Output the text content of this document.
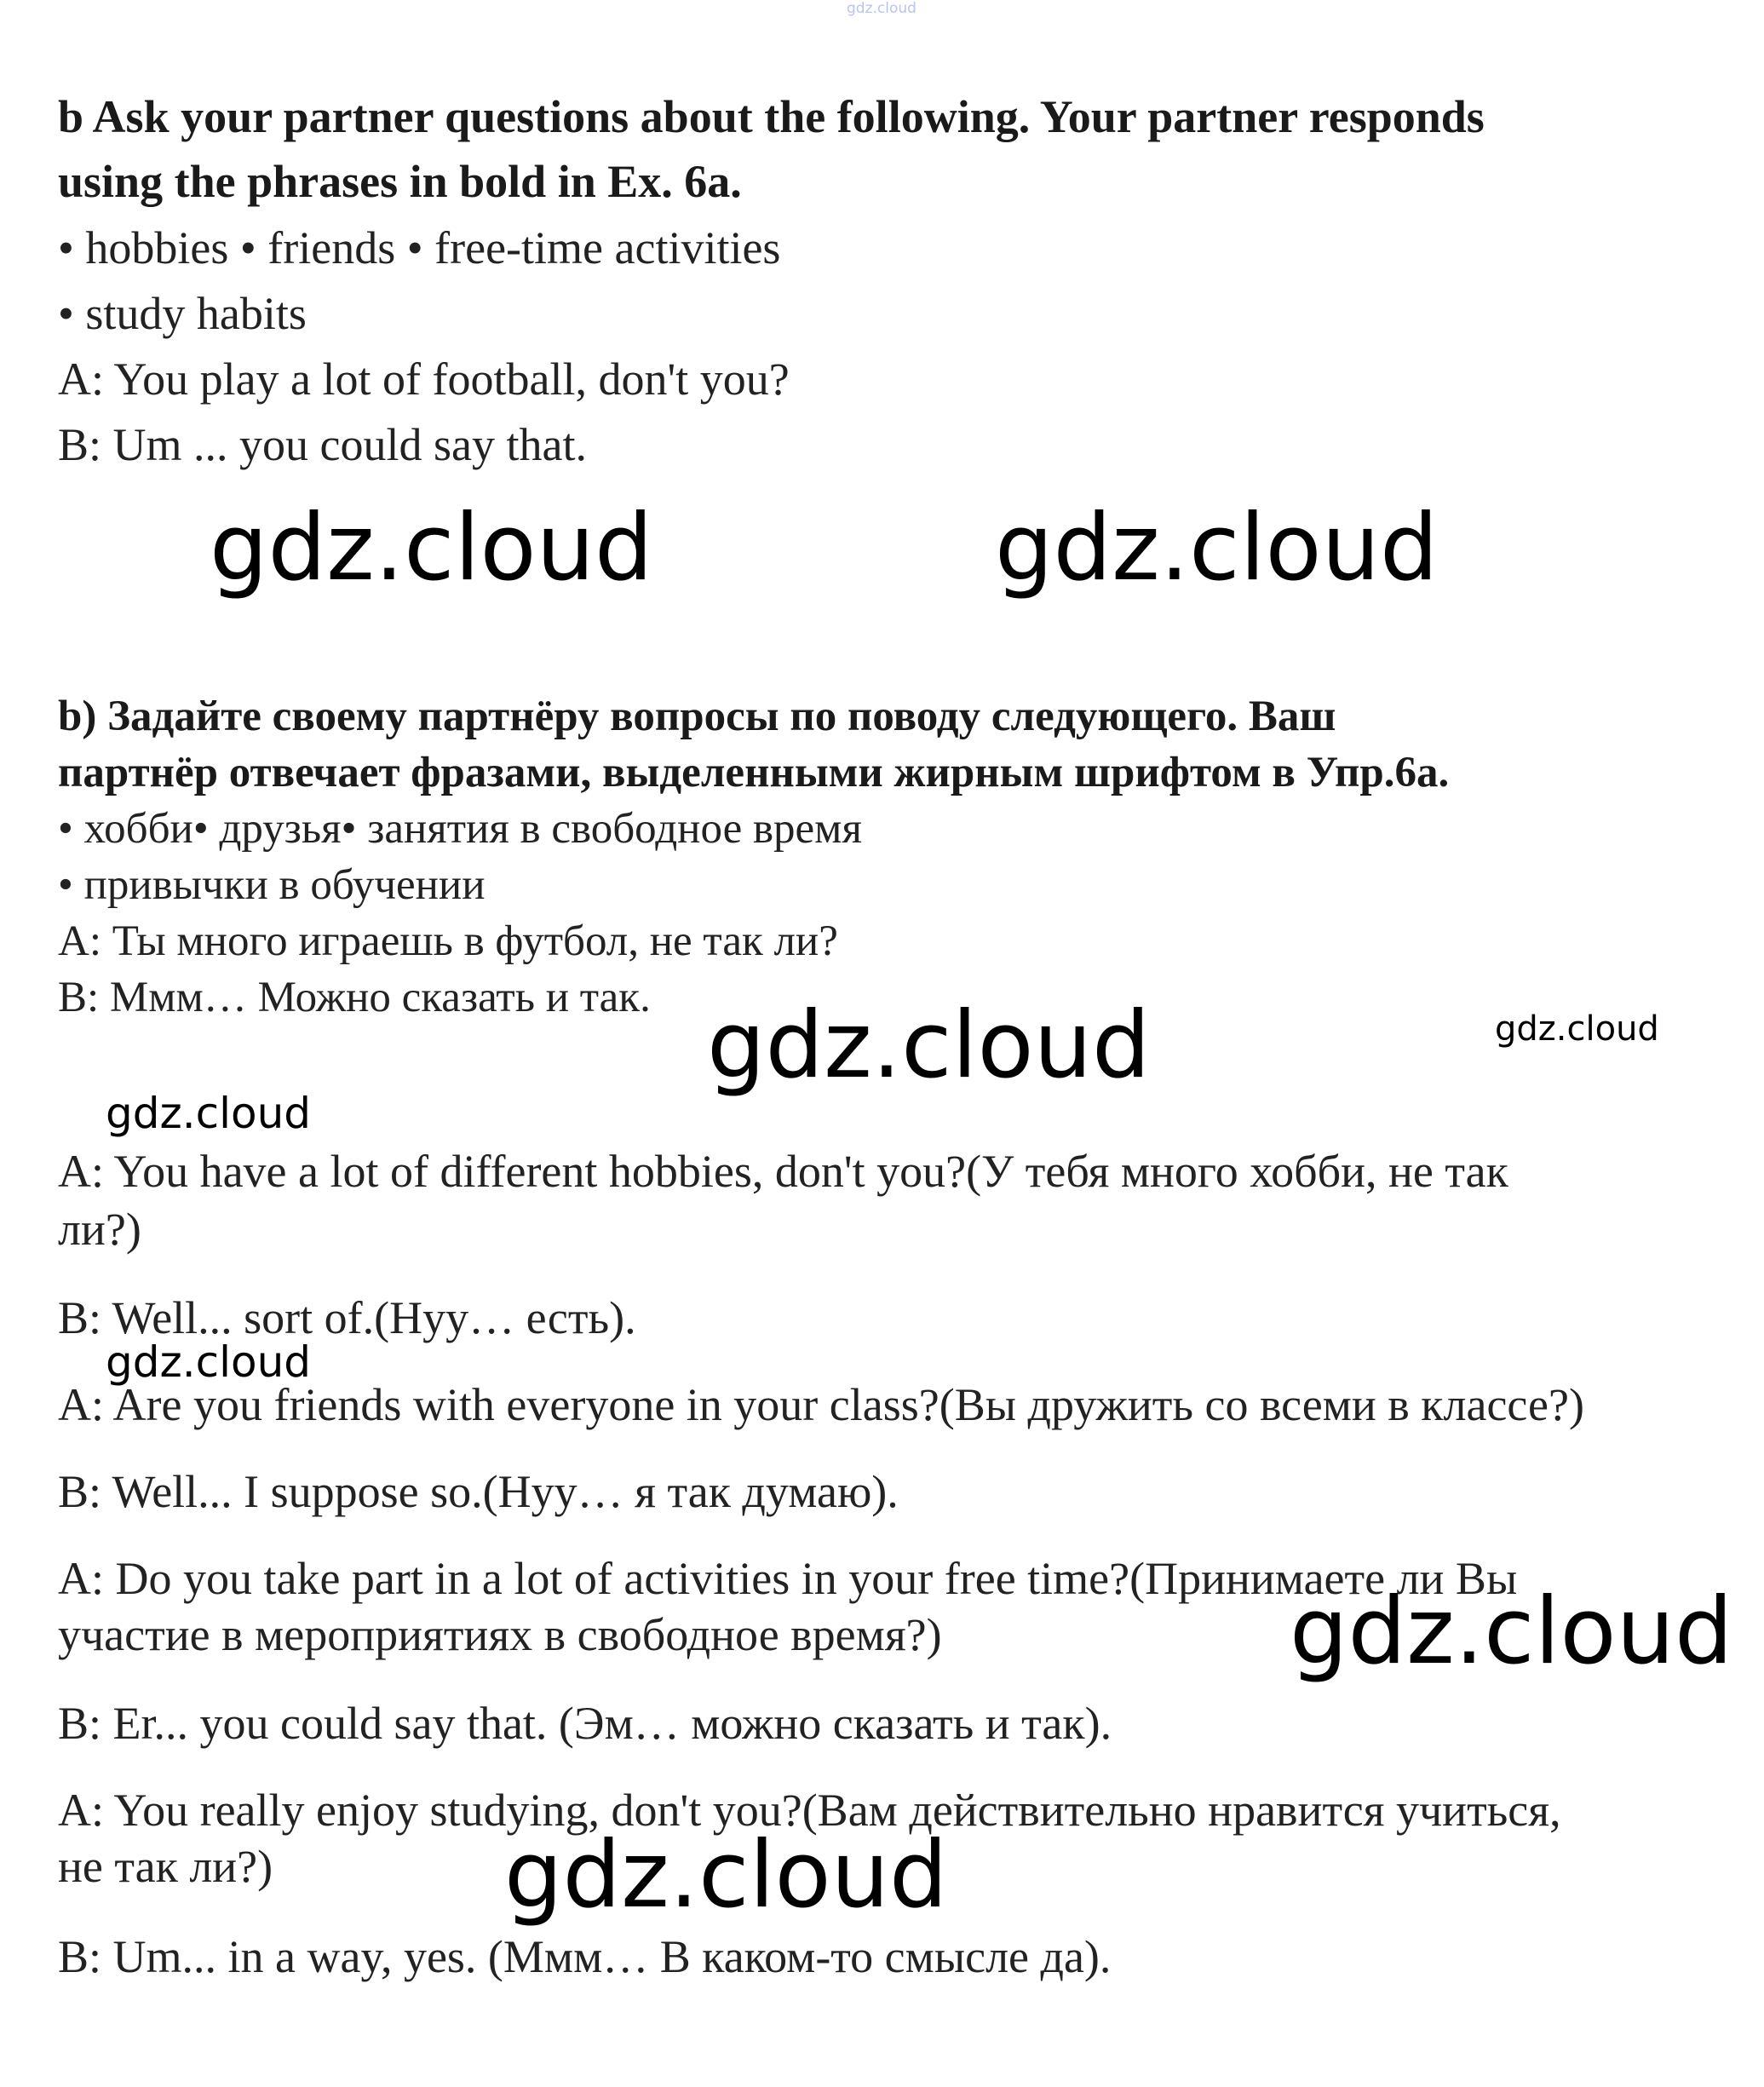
gdz.cloud
b Ask your partner questions about the following. Your partner responds
using the phrases in bold in Ex. 6a.
• hobbies • friends • free-time activities
• study habits
A: You play a lot of football, don't you?
B: Um ... you could say that.
gdz.cloud	gdz.cloud
b) Задайте своему партнёру вопросы по поводу следующего. Ваш
партнёр отвечает фразами, выделенными жирным шрифтом в Упр.6а.
• хобби• друзья• занятия в свободное время
• привычки в обучении
А: Ты много играешь в футбол, не так ли?
B: Ммм… Можно сказать и так. gdz.cloud	gdz.cloud
gdz.cloud
A: You have a lot of different hobbies, don't you?(У тебя много хобби, не так
ли?)
B: Well... sort of.(Нуу… есть).
gdz.cloud
A: Are you friends with everyone in your class?(Вы дружить со всеми в классе?)
B: Well... I suppose so.(Нуу… я так думаю).
A: Do you take part in a lot of activities in your free time?(Принимаете ли Вы
участие в мероприятиях в свободное время?)	gdz.cloud
B: Er... you could say that. (Эм… можно сказать и так).
A: You really enjoy studying, don't you?(Вам действительно нравится учиться,
не так ли?)	gdz.cloud
B: Um... in a way, yes. (Ммм… В каком-то смысле да).
